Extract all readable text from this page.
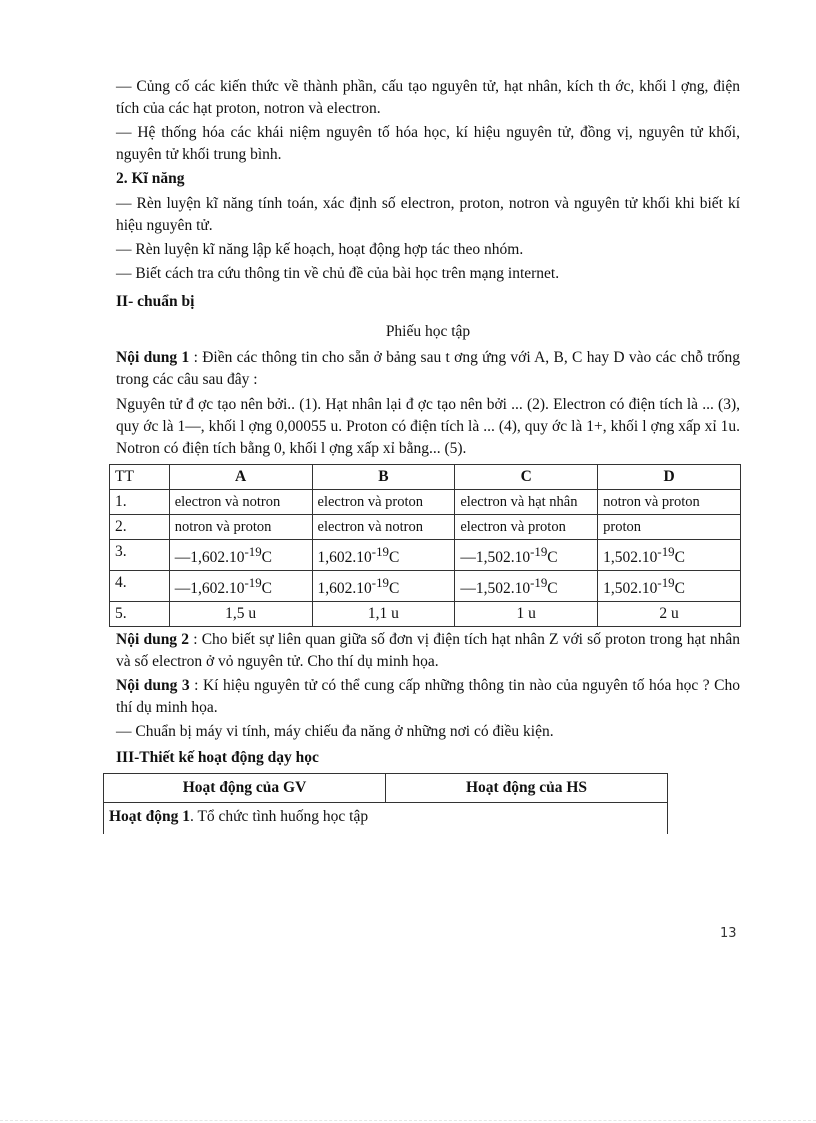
— Củng cố các kiến thức về thành phần, cấu tạo nguyên tử, hạt nhân, kích th ớc, khối l ợng, điện tích của các hạt proton, notron và electron.

— Hệ thống hóa các khái niệm nguyên tố hóa học, kí hiệu nguyên tử, đồng vị, nguyên tử khối, nguyên tử khối trung bình.

2. Kĩ năng

— Rèn luyện kĩ năng tính toán, xác định số electron, proton, notron và nguyên tử khối khi biết kí hiệu nguyên tử.

— Rèn luyện kĩ năng lập kế hoạch, hoạt động hợp tác theo nhóm.

— Biết cách tra cứu thông tin về chủ đề của bài học trên mạng internet.

II- chuẩn bị

Phiếu học tập

Nội dung 1 : Điền các thông tin cho sẵn ở bảng sau t ơng ứng với A, B, C hay D vào các chỗ trống trong các câu sau đây :

Nguyên tử đ ợc tạo nên bởi.. (1). Hạt nhân lại đ ợc tạo nên bởi ... (2). Electron có điện tích là ... (3), quy ớc là 1—, khối l ợng 0,00055 u. Proton có điện tích là ... (4), quy ớc là 1+, khối l ợng xấp xỉ 1u. Notron có điện tích bằng 0, khối l ợng xấp xỉ bằng... (5).

TT	A	B	C	D
1.	electron và notron	electron và proton	electron và hạt nhân	notron và proton
2.	notron và proton	electron và notron	electron và proton	proton
3.	$—1,602.10^{-19}C$	$1,602.10^{-19}C$	$—1,502.10^{-19}C$	$1,502.10^{-19}C$
4.	$—1,602.10^{-19}C$	$1,602.10^{-19}C$	$—1,502.10^{-19}C$	$1,502.10^{-19}C$
5.	1,5 u	1,1 u	1 u	2 u

Nội dung 2 : Cho biết sự liên quan giữa số đơn vị điện tích hạt nhân Z với số proton trong hạt nhân và số electron ở vỏ nguyên tử. Cho thí dụ minh họa.

Nội dung 3 : Kí hiệu nguyên tử có thể cung cấp những thông tin nào của nguyên tố hóa học ? Cho thí dụ minh họa.

— Chuẩn bị máy vi tính, máy chiếu đa năng ở những nơi có điều kiện.

III-Thiết kế hoạt động dạy học

Hoạt động của GV	Hoạt động của HS
Hoạt động 1. Tổ chức tình huống học tập
13
